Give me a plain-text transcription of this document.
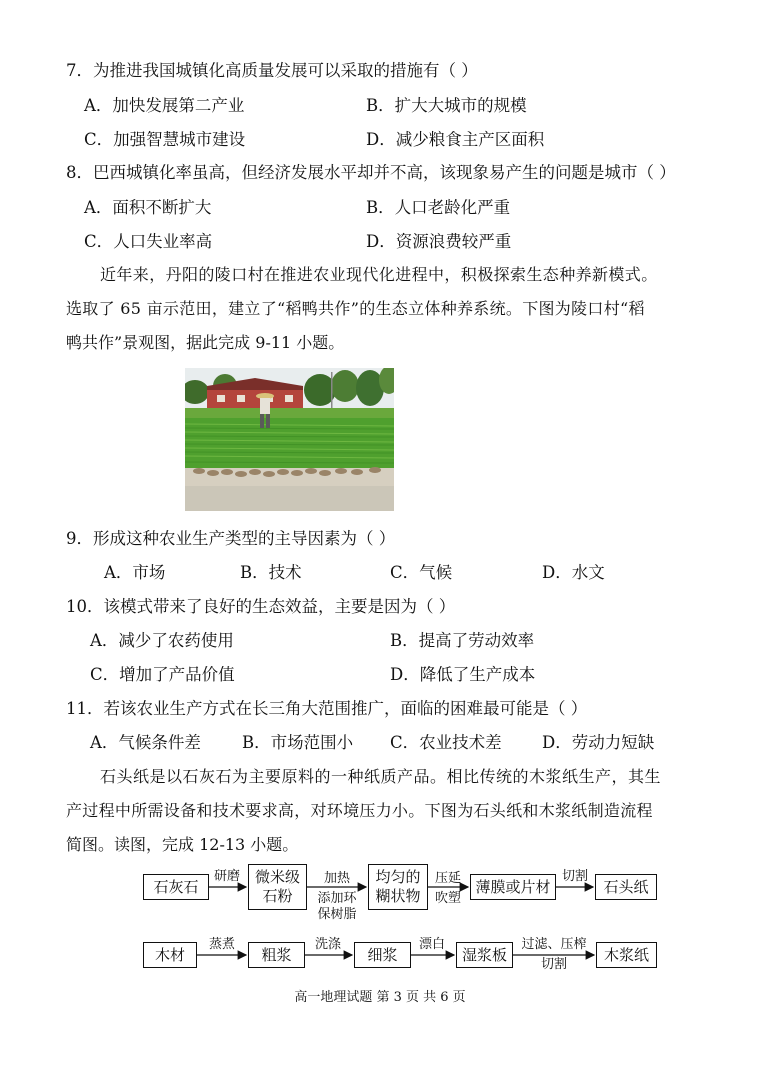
7．为推进我国城镇化高质量发展可以采取的措施有（ ）
A．加快发展第二产业	B．扩大大城市的规模
C．加强智慧城市建设	D．减少粮食主产区面积
8．巴西城镇化率虽高，但经济发展水平却并不高，该现象易产生的问题是城市（ ）
A．面积不断扩大	B．人口老龄化严重
C．人口失业率高	D．资源浪费较严重
近年来，丹阳的陵口村在推进农业现代化进程中，积极探索生态种养新模式。
选取了 65 亩示范田，建立了“稻鸭共作”的生态立体种养系统。下图为陵口村“稻
鸭共作”景观图，据此完成 9-11 小题。
9．形成这种农业生产类型的主导因素为（ ）
A．市场	B．技术	C．气候	D．水文
10．该模式带来了良好的生态效益，主要是因为（ ）
A．减少了农药使用	B．提高了劳动效率
C．增加了产品价值	D．降低了生产成本
11．若该农业生产方式在长三角大范围推广，面临的困难最可能是（ ）
A．气候条件差 B．市场范围小 C．农业技术差 D．劳动力短缺
石头纸是以石灰石为主要原料的一种纸质产品。相比传统的木浆纸生产，其生
产过程中所需设备和技术要求高，对环境压力小。下图为石头纸和木浆纸制造流程
简图。读图，完成 12-13 小题。
石灰石
研磨 微米级
石粉
加热
添加环
保树脂
均匀的
糊状物
压延
吹塑
薄膜或片材
切割
石头纸
木材
蒸煮
粗浆
洗涤
细浆
漂白
湿浆板
过滤、压榨
切割
木浆纸
高一地理试题 第 3 页 共 6 页
